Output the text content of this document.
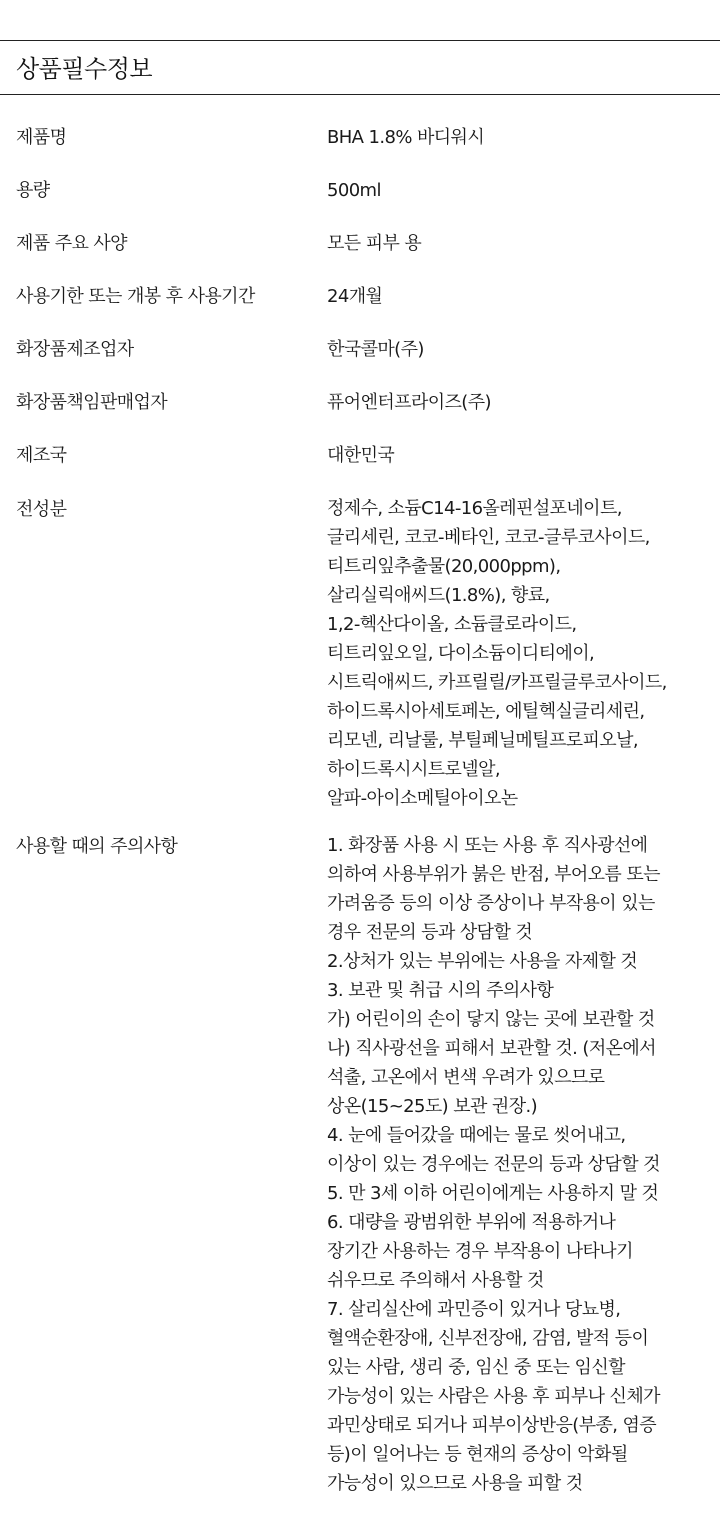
상품필수정보
제품명	BHA 1.8% 바디워시
용량	500ml
제품 주요 사양	모든 피부 용
사용기한 또는 개봉 후 사용기간	24개월
화장품제조업자	한국콜마(주)
화장품책임판매업자	퓨어엔터프라이즈(주)
제조국	대한민국
전성분	정제수, 소듐C14-16올레핀설포네이트,
글리세린, 코코-베타인, 코코-글루코사이드,
티트리잎추출물(20,000ppm),
살리실릭애씨드(1.8%), 향료,
1,2-헥산다이올, 소듐클로라이드,
티트리잎오일, 다이소듐이디티에이,
시트릭애씨드, 카프릴릴/카프릴글루코사이드,
하이드록시아세토페논, 에틸헥실글리세린,
리모넨, 리날룰, 부틸페닐메틸프로피오날,
하이드록시시트로넬알,
알파-아이소메틸아이오논
사용할 때의 주의사항	1. 화장품 사용 시 또는 사용 후 직사광선에
의하여 사용부위가 붉은 반점, 부어오름 또는
가려움증 등의 이상 증상이나 부작용이 있는
경우 전문의 등과 상담할 것
2.상처가 있는 부위에는 사용을 자제할 것
3. 보관 및 취급 시의 주의사항
가) 어린이의 손이 닿지 않는 곳에 보관할 것
나) 직사광선을 피해서 보관할 것. (저온에서
석출, 고온에서 변색 우려가 있으므로
상온(15~25도) 보관 권장.)
4. 눈에 들어갔을 때에는 물로 씻어내고,
이상이 있는 경우에는 전문의 등과 상담할 것
5. 만 3세 이하 어린이에게는 사용하지 말 것
6. 대량을 광범위한 부위에 적용하거나
장기간 사용하는 경우 부작용이 나타나기
쉬우므로 주의해서 사용할 것
7. 살리실산에 과민증이 있거나 당뇨병,
혈액순환장애, 신부전장애, 감염, 발적 등이
있는 사람, 생리 중, 임신 중 또는 임신할
가능성이 있는 사람은 사용 후 피부나 신체가
과민상태로 되거나 피부이상반응(부종, 염증
등)이 일어나는 등 현재의 증상이 악화될
가능성이 있으므로 사용을 피할 것
